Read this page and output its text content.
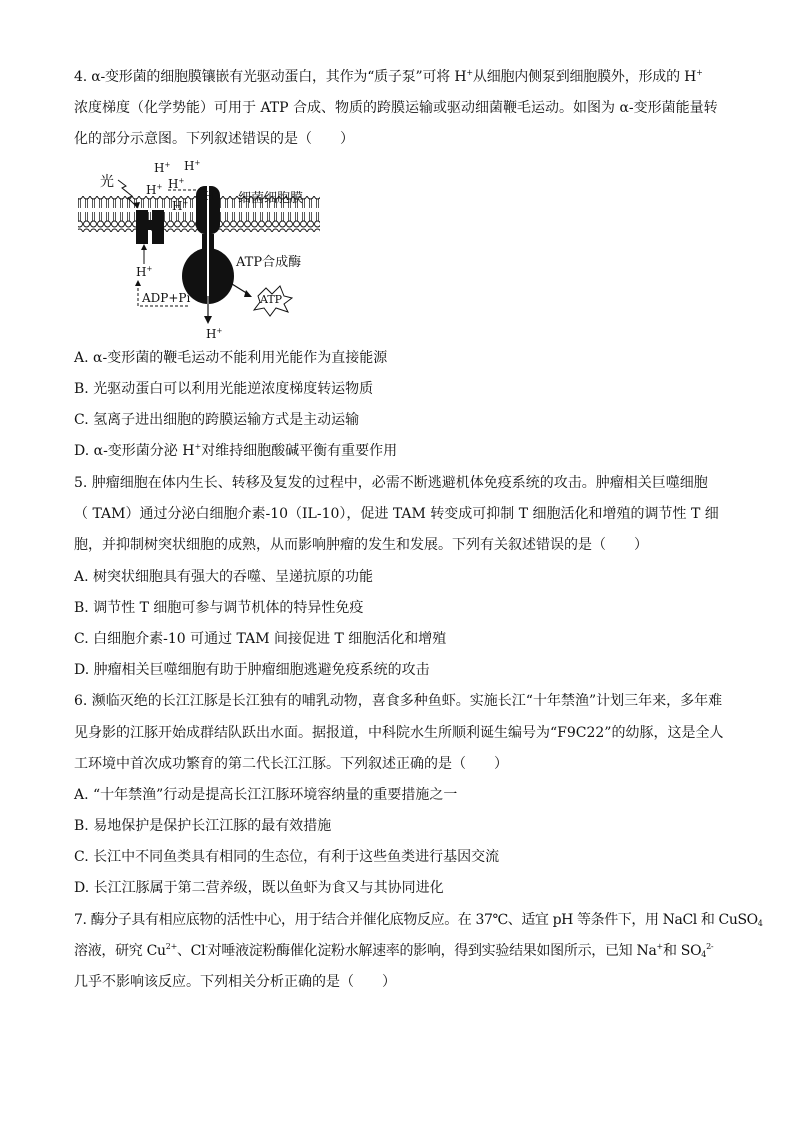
4. α-变形菌的细胞膜镶嵌有光驱动蛋白，其作为“质子泵”可将 H+从细胞内侧泵到细胞膜外，形成的 H+
浓度梯度（化学势能）可用于 ATP 合成、物质的跨膜运输或驱动细菌鞭毛运动。如图为 α-变形菌能量转
化的部分示意图。下列叙述错误的是（　　）
光
H+ H+
H+ H+
H+ H+
H+
H+
ADP+Pi	ATP
细菌细胞膜
ATP合成酶
A. α-变形菌的鞭毛运动不能利用光能作为直接能源
B. 光驱动蛋白可以利用光能逆浓度梯度转运物质
C. 氢离子进出细胞的跨膜运输方式是主动运输
D. α-变形菌分泌 H+对维持细胞酸碱平衡有重要作用
5. 肿瘤细胞在体内生长、转移及复发的过程中，必需不断逃避机体免疫系统的攻击。肿瘤相关巨噬细胞
（ TAM）通过分泌白细胞介素-10（IL-10），促进 TAM 转变成可抑制 T 细胞活化和增殖的调节性 T 细
胞，并抑制树突状细胞的成熟，从而影响肿瘤的发生和发展。下列有关叙述错误的是（　　）
A. 树突状细胞具有强大的吞噬、呈递抗原的功能
B. 调节性 T 细胞可参与调节机体的特异性免疫
C. 白细胞介素-10 可通过 TAM 间接促进 T 细胞活化和增殖
D. 肿瘤相关巨噬细胞有助于肿瘤细胞逃避免疫系统的攻击
6. 濒临灭绝的长江江豚是长江独有的哺乳动物，喜食多种鱼虾。实施长江“十年禁渔”计划三年来，多年难
见身影的江豚开始成群结队跃出水面。据报道，中科院水生所顺利诞生编号为“F9C22”的幼豚，这是全人
工环境中首次成功繁育的第二代长江江豚。下列叙述正确的是（　　）
A. “十年禁渔”行动是提高长江江豚环境容纳量的重要措施之一
B. 易地保护是保护长江江豚的最有效措施
C. 长江中不同鱼类具有相同的生态位，有利于这些鱼类进行基因交流
D. 长江江豚属于第二营养级，既以鱼虾为食又与其协同进化
7. 酶分子具有相应底物的活性中心，用于结合并催化底物反应。在 37℃、适宜 pH 等条件下，用 NaCl 和 CuSO$_4$
溶液，研究 $Cu^{2+}$、Cl-对唾液淀粉酶催化淀粉水解速率的影响，得到实验结果如图所示，已知 Na+和 $SO_4^{2-}$
几乎不影响该反应。下列相关分析正确的是（　　）
